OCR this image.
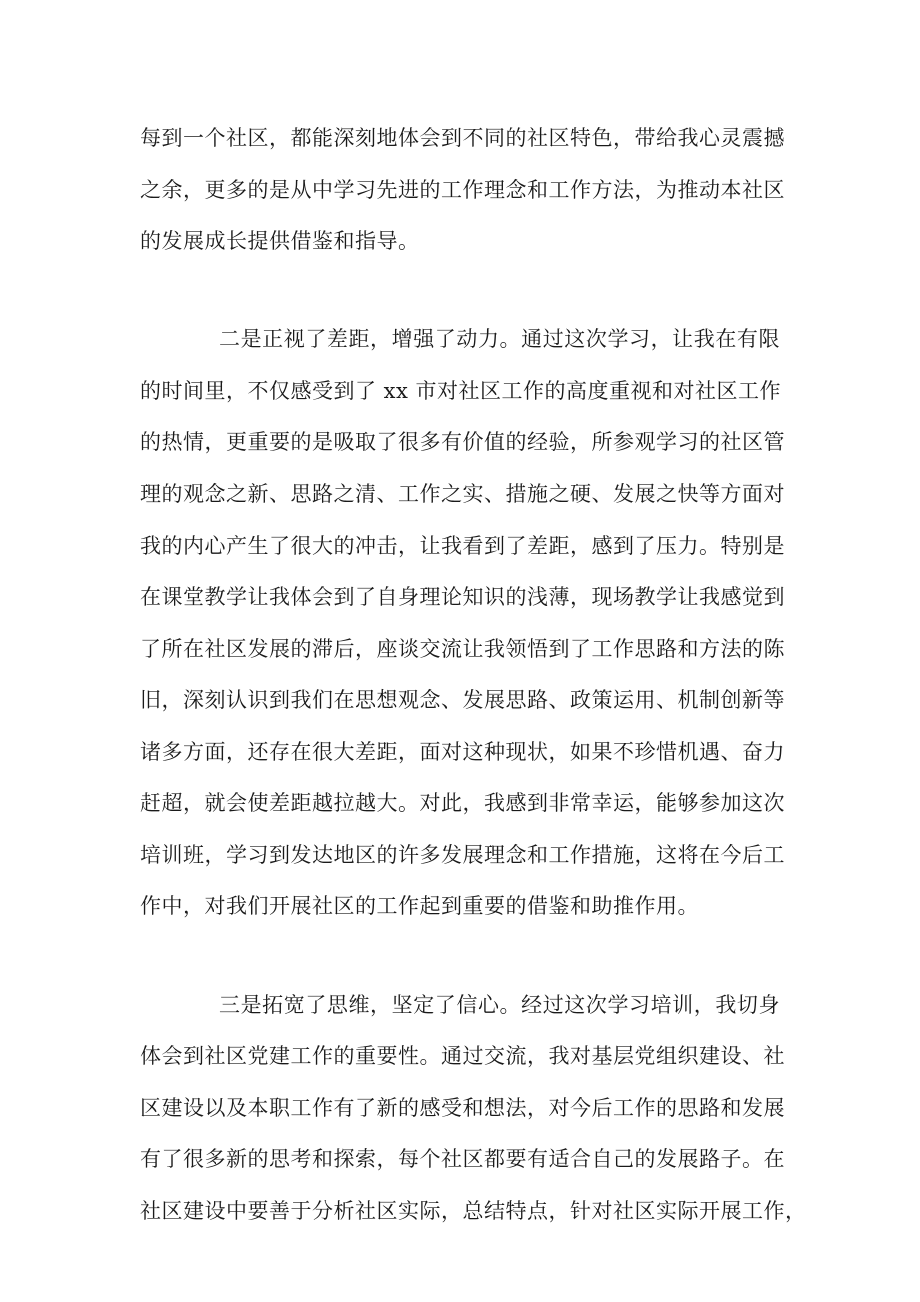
每到一个社区，都能深刻地体会到不同的社区特色，带给我心灵震撼
之余，更多的是从中学习先进的工作理念和工作方法，为推动本社区
的发展成长提供借鉴和指导。
二是正视了差距，增强了动力。通过这次学习，让我在有限
的时间里，不仅感受到了 xx 市对社区工作的高度重视和对社区工作
的热情，更重要的是吸取了很多有价值的经验，所参观学习的社区管
理的观念之新、思路之清、工作之实、措施之硬、发展之快等方面对
我的内心产生了很大的冲击，让我看到了差距，感到了压力。特别是
在课堂教学让我体会到了自身理论知识的浅薄，现场教学让我感觉到
了所在社区发展的滞后，座谈交流让我领悟到了工作思路和方法的陈
旧，深刻认识到我们在思想观念、发展思路、政策运用、机制创新等
诸多方面，还存在很大差距，面对这种现状，如果不珍惜机遇、奋力
赶超，就会使差距越拉越大。对此，我感到非常幸运，能够参加这次
培训班，学习到发达地区的许多发展理念和工作措施，这将在今后工
作中，对我们开展社区的工作起到重要的借鉴和助推作用。
三是拓宽了思维，坚定了信心。经过这次学习培训，我切身
体会到社区党建工作的重要性。通过交流，我对基层党组织建设、社
区建设以及本职工作有了新的感受和想法，对今后工作的思路和发展
有了很多新的思考和探索，每个社区都要有适合自己的发展路子。在
社区建设中要善于分析社区实际，总结特点，针对社区实际开展工作，
